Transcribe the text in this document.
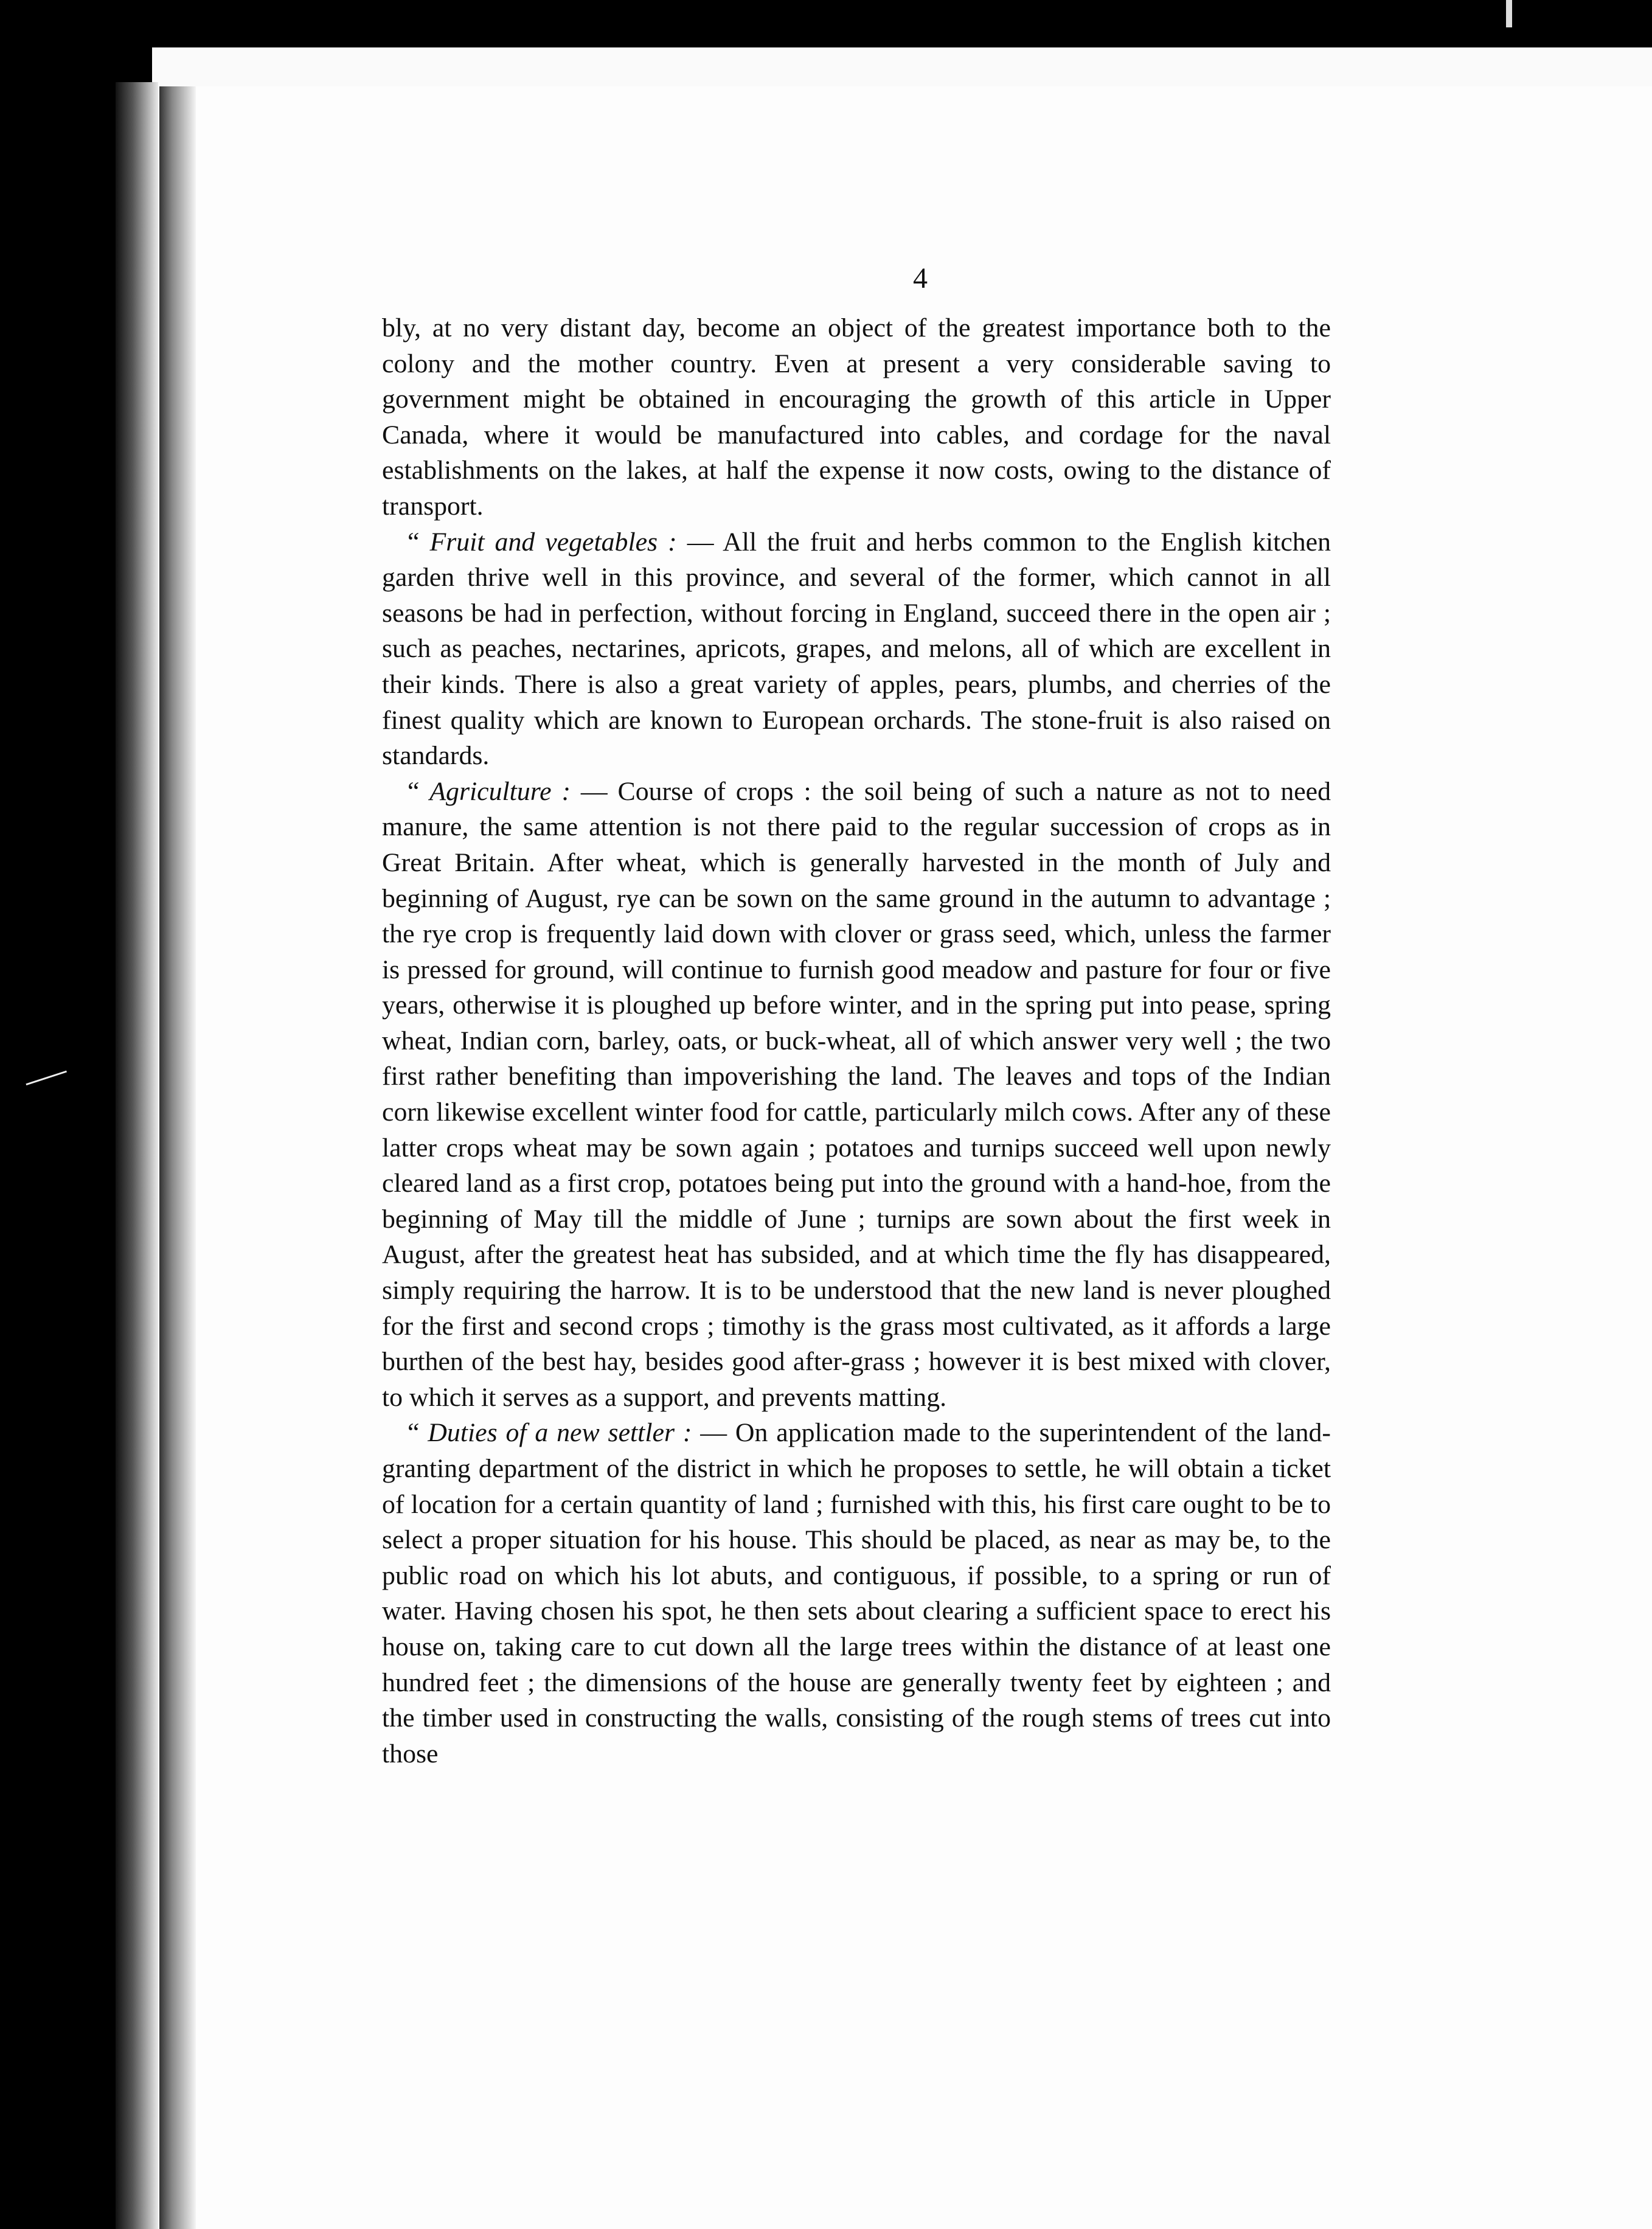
4

bly, at no very distant day, become an object of the greatest importance both to the colony and the mother country. Even at present a very considerable saving to government might be obtained in encouraging the growth of this article in Upper Canada, where it would be manufactured into cables, and cordage for the naval establishments on the lakes, at half the expense it now costs, owing to the distance of transport.

“ Fruit and vegetables : — All the fruit and herbs common to the English kitchen garden thrive well in this province, and several of the former, which cannot in all seasons be had in perfection, without forcing in England, succeed there in the open air ; such as peaches, nectarines, apricots, grapes, and melons, all of which are excellent in their kinds. There is also a great variety of apples, pears, plumbs, and cherries of the finest quality which are known to European orchards. The stone-fruit is also raised on standards.

“ Agriculture : — Course of crops : the soil being of such a nature as not to need manure, the same attention is not there paid to the regular succession of crops as in Great Britain. After wheat, which is generally harvested in the month of July and beginning of August, rye can be sown on the same ground in the autumn to advantage ; the rye crop is frequently laid down with clover or grass seed, which, unless the farmer is pressed for ground, will continue to furnish good meadow and pasture for four or five years, otherwise it is ploughed up before winter, and in the spring put into pease, spring wheat, Indian corn, barley, oats, or buck-wheat, all of which answer very well ; the two first rather benefiting than impoverishing the land. The leaves and tops of the Indian corn likewise excellent winter food for cattle, particularly milch cows. After any of these latter crops wheat may be sown again ; potatoes and turnips succeed well upon newly cleared land as a first crop, potatoes being put into the ground with a hand-hoe, from the beginning of May till the middle of June ; turnips are sown about the first week in August, after the greatest heat has subsided, and at which time the fly has disappeared, simply requiring the harrow. It is to be understood that the new land is never ploughed for the first and second crops ; timothy is the grass most cultivated, as it affords a large burthen of the best hay, besides good after-grass ; however it is best mixed with clover, to which it serves as a support, and prevents matting.

“ Duties of a new settler : — On application made to the superintendent of the land-granting department of the district in which he proposes to settle, he will obtain a ticket of location for a certain quantity of land ; furnished with this, his first care ought to be to select a proper situation for his house. This should be placed, as near as may be, to the public road on which his lot abuts, and contiguous, if possible, to a spring or run of water. Having chosen his spot, he then sets about clearing a sufficient space to erect his house on, taking care to cut down all the large trees within the distance of at least one hundred feet ; the dimensions of the house are generally twenty feet by eighteen ; and the timber used in constructing the walls, consisting of the rough stems of trees cut into those
